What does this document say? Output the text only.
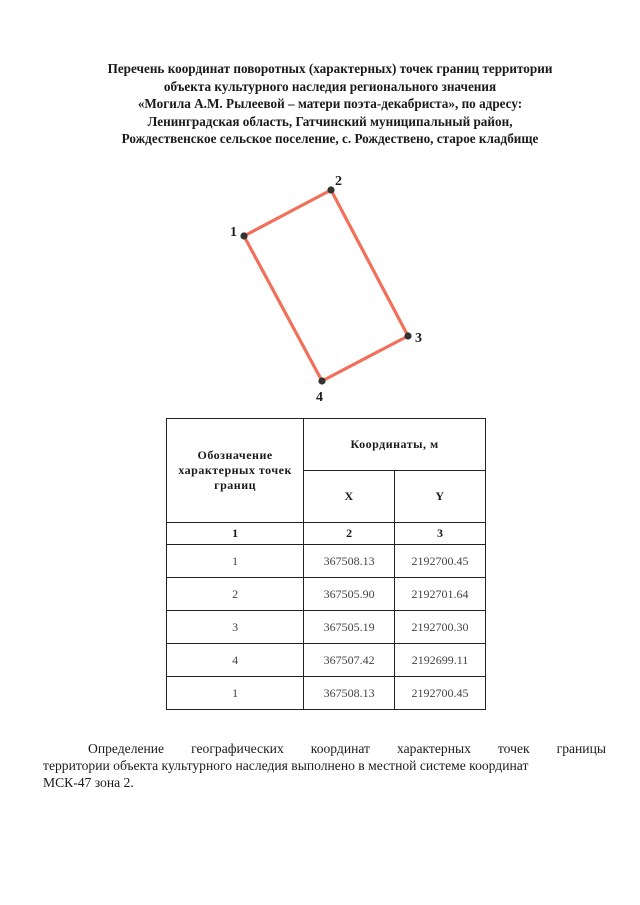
Перечень координат поворотных (характерных) точек границ территории
объекта культурного наследия регионального значения
«Могила А.М. Рылеевой – матери поэта-декабриста», по адресу:
Ленинградская область, Гатчинский муниципальный район,
Рождественское сельское поселение, с. Рождествено, старое кладбище
1
2
3
4
Обозначение характерных точек границ	Координаты, м	
	X	Y
1	2	3
1	367508.13	2192700.45
2	367505.90	2192701.64
3	367505.19	2192700.30
4	367507.42	2192699.11
1	367508.13	2192700.45
Определение географических координат характерных точек границы
территории объекта культурного наследия выполнено в местной системе координат
МСК-47 зона 2.
